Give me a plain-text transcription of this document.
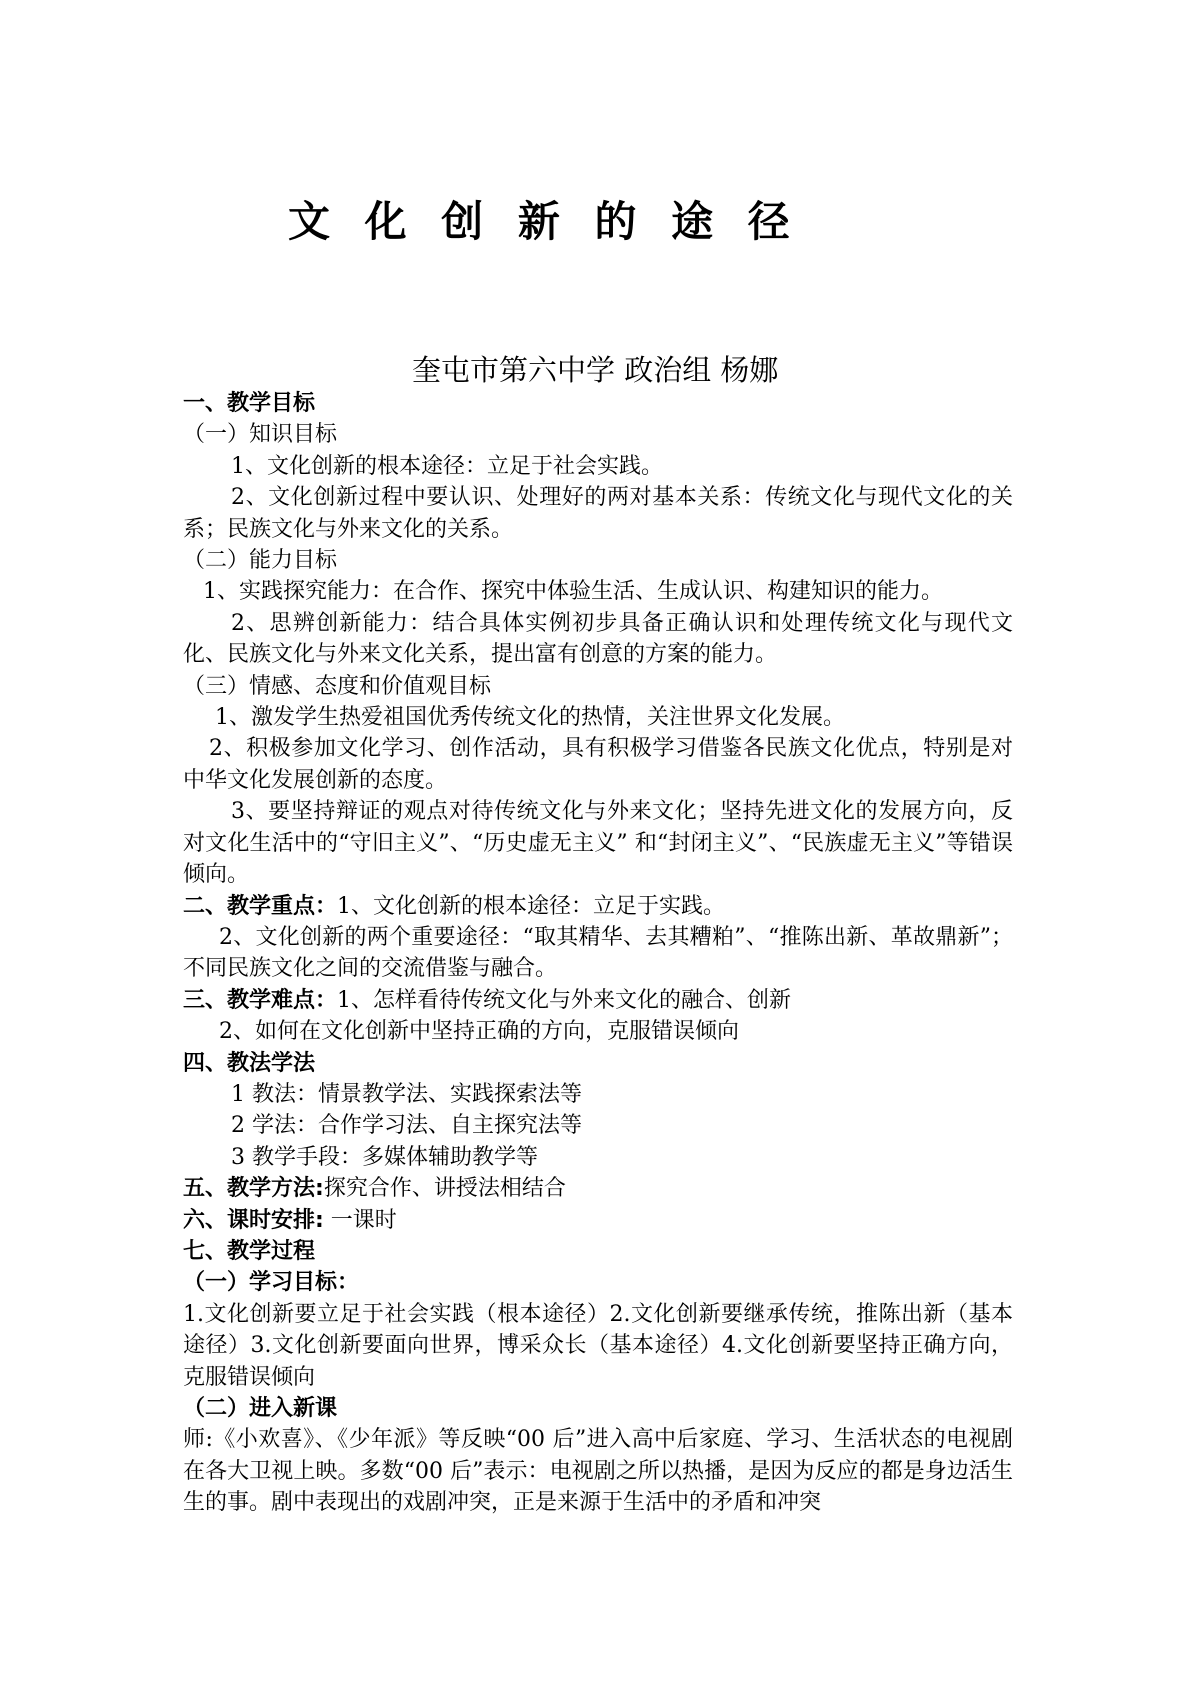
文 化 创 新 的 途 径
奎屯市第六中学 政治组 杨娜

一、教学目标

（一）知识目标

1、文化创新的根本途径：立足于社会实践。

2、文化创新过程中要认识、处理好的两对基本关系：传统文化与现代文化的关系；民族文化与外来文化的关系。

（二）能力目标

1、实践探究能力：在合作、探究中体验生活、生成认识、构建知识的能力。

2、思辨创新能力：结合具体实例初步具备正确认识和处理传统文化与现代文化、民族文化与外来文化关系，提出富有创意的方案的能力。

（三）情感、态度和价值观目标

1、激发学生热爱祖国优秀传统文化的热情，关注世界文化发展。

2、积极参加文化学习、创作活动，具有积极学习借鉴各民族文化优点，特别是对中华文化发展创新的态度。

3、要坚持辩证的观点对待传统文化与外来文化；坚持先进文化的发展方向，反对文化生活中的“守旧主义”、“历史虚无主义” 和“封闭主义”、“民族虚无主义”等错误倾向。

二、教学重点：1、文化创新的根本途径：立足于实践。

2、文化创新的两个重要途径：“取其精华、去其糟粕”、“推陈出新、革故鼎新”；不同民族文化之间的交流借鉴与融合。

三、教学难点：1、怎样看待传统文化与外来文化的融合、创新

2、如何在文化创新中坚持正确的方向，克服错误倾向

四、教法学法

1 教法：情景教学法、实践探索法等

2 学法：合作学习法、自主探究法等

3 教学手段：多媒体辅助教学等

五、教学方法:探究合作、讲授法相结合

六、课时安排: 一课时

七、教学过程

（一）学习目标：

1.文化创新要立足于社会实践（根本途径）2.文化创新要继承传统，推陈出新（基本途径）3.文化创新要面向世界，博采众长（基本途径）4.文化创新要坚持正确方向，克服错误倾向

（二）进入新课

师:《小欢喜》、《少年派》等反映“00 后”进入高中后家庭、学习、生活状态的电视剧在各大卫视上映。多数“00 后”表示：电视剧之所以热播，是因为反应的都是身边活生生的事。剧中表现出的戏剧冲突，正是来源于生活中的矛盾和冲突
